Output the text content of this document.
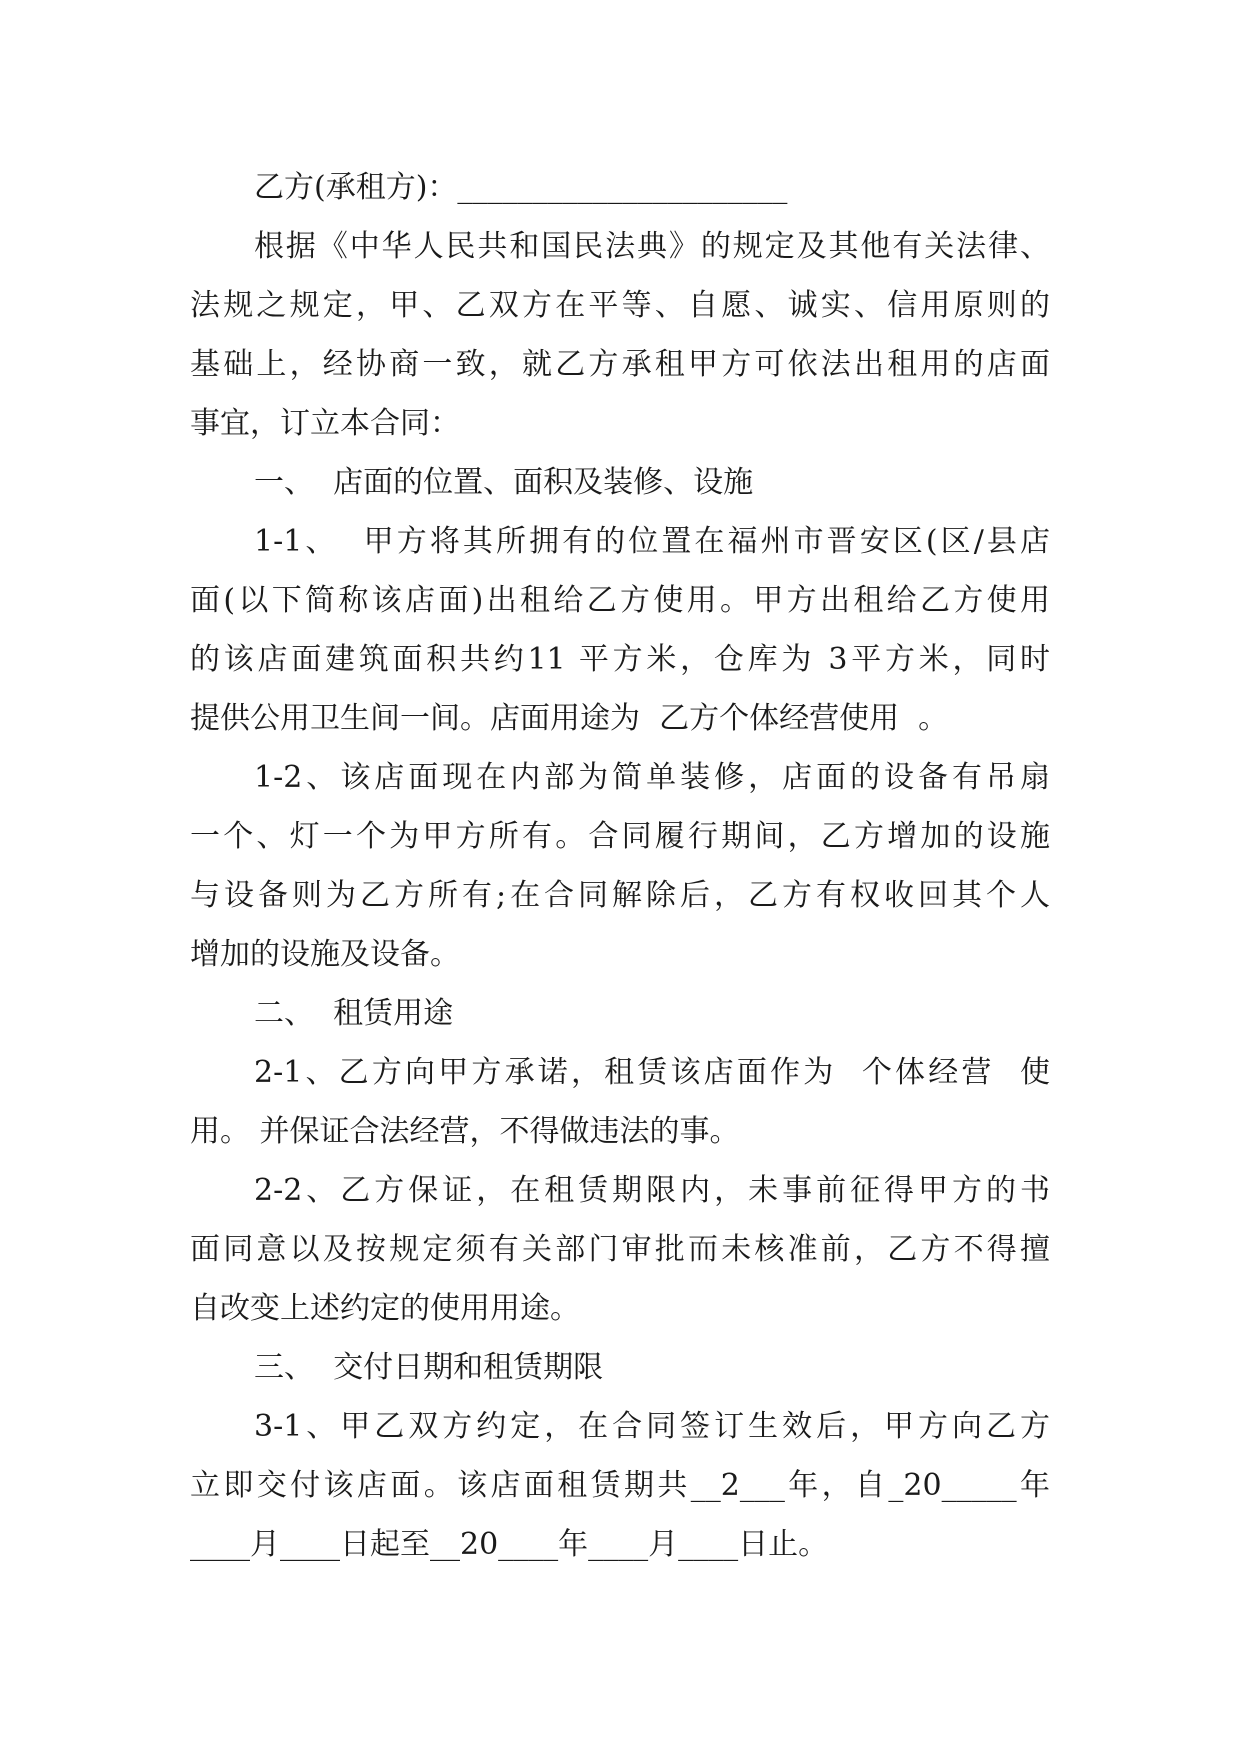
乙方(承租方)：______________________
根据《中华人民共和国民法典》的规定及其他有关法律、
法规之规定，甲、乙双方在平等、自愿、诚实、信用原则的
基础上，经协商一致，就乙方承租甲方可依法出租用的店面
事宜，订立本合同：
一、  店面的位置、面积及装修、设施
1-1、  甲方将其所拥有的位置在福州市晋安区(区/县店
面(以下简称该店面)出租给乙方使用。甲方出租给乙方使用
的该店面建筑面积共约11 平方米，仓库为 3平方米，同时
提供公用卫生间一间。店面用途为  乙方个体经营使用  。
1-2、该店面现在内部为简单装修，店面的设备有吊扇
一个、灯一个为甲方所有。合同履行期间，乙方增加的设施
与设备则为乙方所有;在合同解除后，乙方有权收回其个人
增加的设施及设备。
二、  租赁用途
2-1、乙方向甲方承诺，租赁该店面作为  个体经营  使
用。 并保证合法经营，不得做违法的事。
2-2、乙方保证，在租赁期限内，未事前征得甲方的书
面同意以及按规定须有关部门审批而未核准前，乙方不得擅
自改变上述约定的使用用途。
三、  交付日期和租赁期限
3-1、甲乙双方约定，在合同签订生效后，甲方向乙方
立即交付该店面。该店面租赁期共__2___年，自_20_____年
____月____日起至__20____年____月____日止。
